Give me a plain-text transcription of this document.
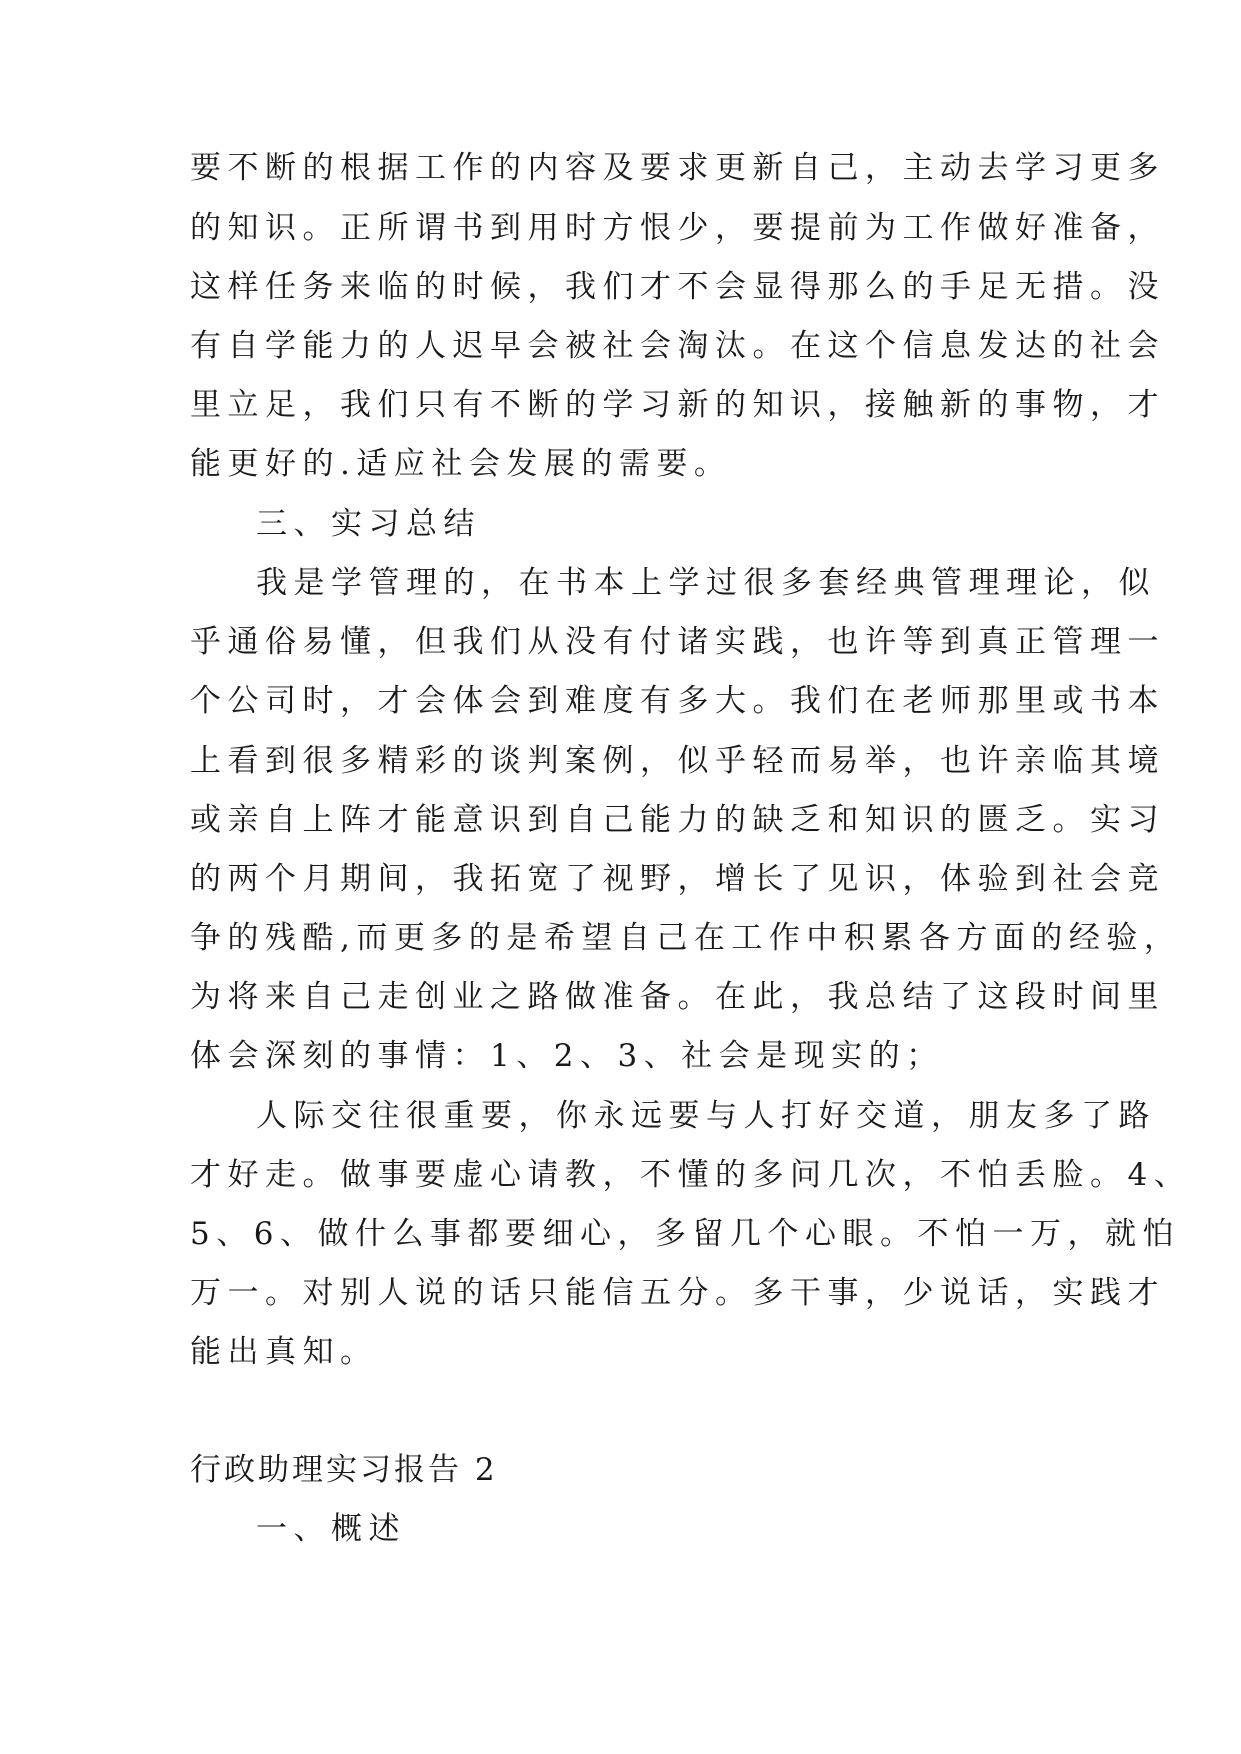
要不断的根据工作的内容及要求更新自己，主动去学习更多
的知识。正所谓书到用时方恨少，要提前为工作做好准备，
这样任务来临的时候，我们才不会显得那么的手足无措。没
有自学能力的人迟早会被社会淘汰。在这个信息发达的社会
里立足，我们只有不断的学习新的知识，接触新的事物，才
能更好的.适应社会发展的需要。
三、实习总结
我是学管理的，在书本上学过很多套经典管理理论，似
乎通俗易懂，但我们从没有付诸实践，也许等到真正管理一
个公司时，才会体会到难度有多大。我们在老师那里或书本
上看到很多精彩的谈判案例，似乎轻而易举，也许亲临其境
或亲自上阵才能意识到自己能力的缺乏和知识的匮乏。实习
的两个月期间，我拓宽了视野，增长了见识，体验到社会竞
争的残酷,而更多的是希望自己在工作中积累各方面的经验，
为将来自己走创业之路做准备。在此，我总结了这段时间里
体会深刻的事情：1、2、3、社会是现实的；
人际交往很重要，你永远要与人打好交道，朋友多了路
才好走。做事要虚心请教，不懂的多问几次，不怕丢脸。4、
5、6、做什么事都要细心，多留几个心眼。不怕一万，就怕
万一。对别人说的话只能信五分。多干事，少说话，实践才
能出真知。
行政助理实习报告 2
一、概述
